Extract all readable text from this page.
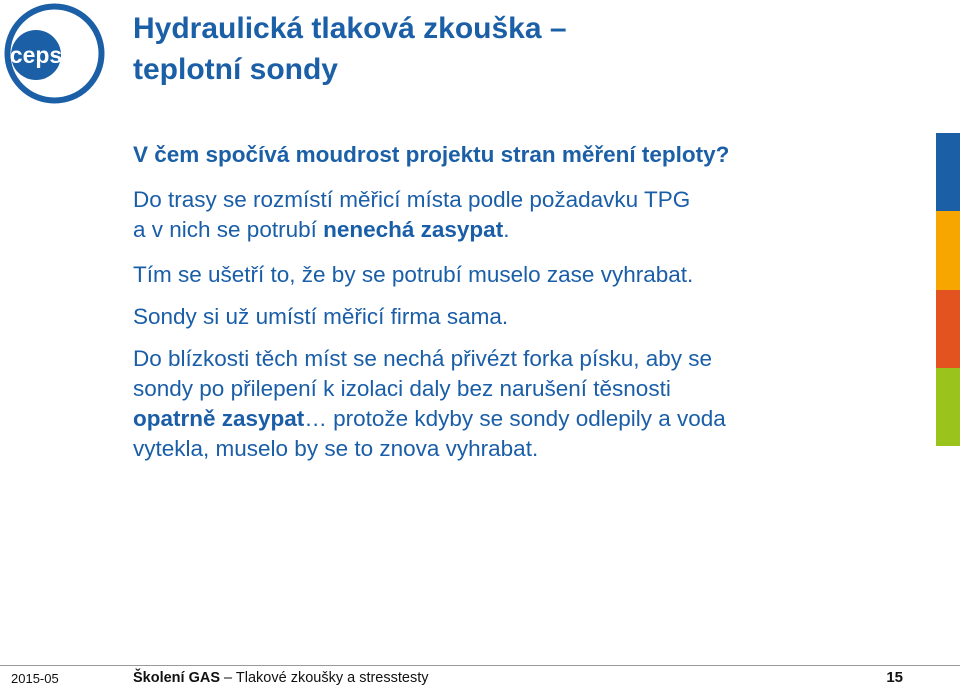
ceps
Hydraulická tlaková zkouška –
teplotní sondy
V čem spočívá moudrost projektu stran měření teploty?
Do trasy se rozmístí měřicí místa podle požadavku TPG
a v nich se potrubí nenechá zasypat.
Tím se ušetří to, že by se potrubí muselo zase vyhrabat.
Sondy si už umístí měřicí firma sama.
Do blízkosti těch míst se nechá přivézt forka písku, aby se
sondy po přilepení k izolaci daly bez narušení těsnosti
opatrně zasypat… protože kdyby se sondy odlepily a voda
vytekla, muselo by se to znova vyhrabat.
2015-05	Školení GAS – Tlakové zkoušky a stresstesty	15
